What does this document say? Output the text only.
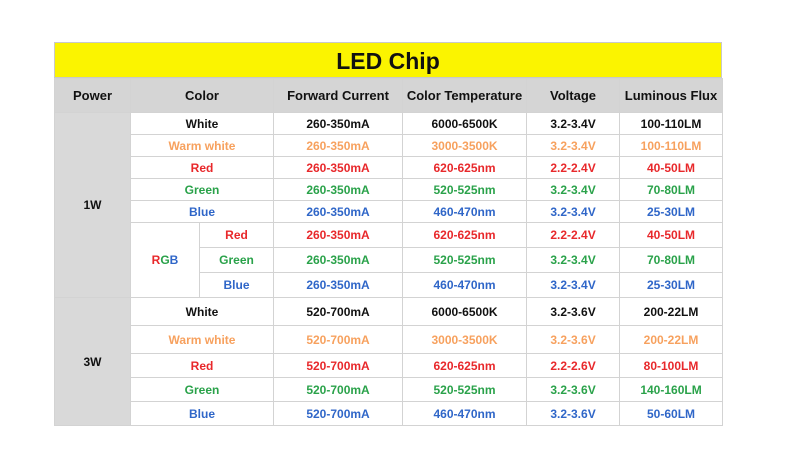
LED Chip
Power	Color		Forward Current	Color Temperature	Voltage	Luminous Flux
1W	White		260-350mA	6000-6500K	3.2-3.4V	100-110LM
	Warm white		260-350mA	3000-3500K	3.2-3.4V	100-110LM
	Red		260-350mA	620-625nm	2.2-2.4V	40-50LM
	Green		260-350mA	520-525nm	3.2-3.4V	70-80LM
	Blue		260-350mA	460-470nm	3.2-3.4V	25-30LM
	RGB	Red	260-350mA	620-625nm	2.2-2.4V	40-50LM
		Green	260-350mA	520-525nm	3.2-3.4V	70-80LM
		Blue	260-350mA	460-470nm	3.2-3.4V	25-30LM
3W	White		520-700mA	6000-6500K	3.2-3.6V	200-22LM
	Warm white		520-700mA	3000-3500K	3.2-3.6V	200-22LM
	Red		520-700mA	620-625nm	2.2-2.6V	80-100LM
	Green		520-700mA	520-525nm	3.2-3.6V	140-160LM
	Blue		520-700mA	460-470nm	3.2-3.6V	50-60LM
